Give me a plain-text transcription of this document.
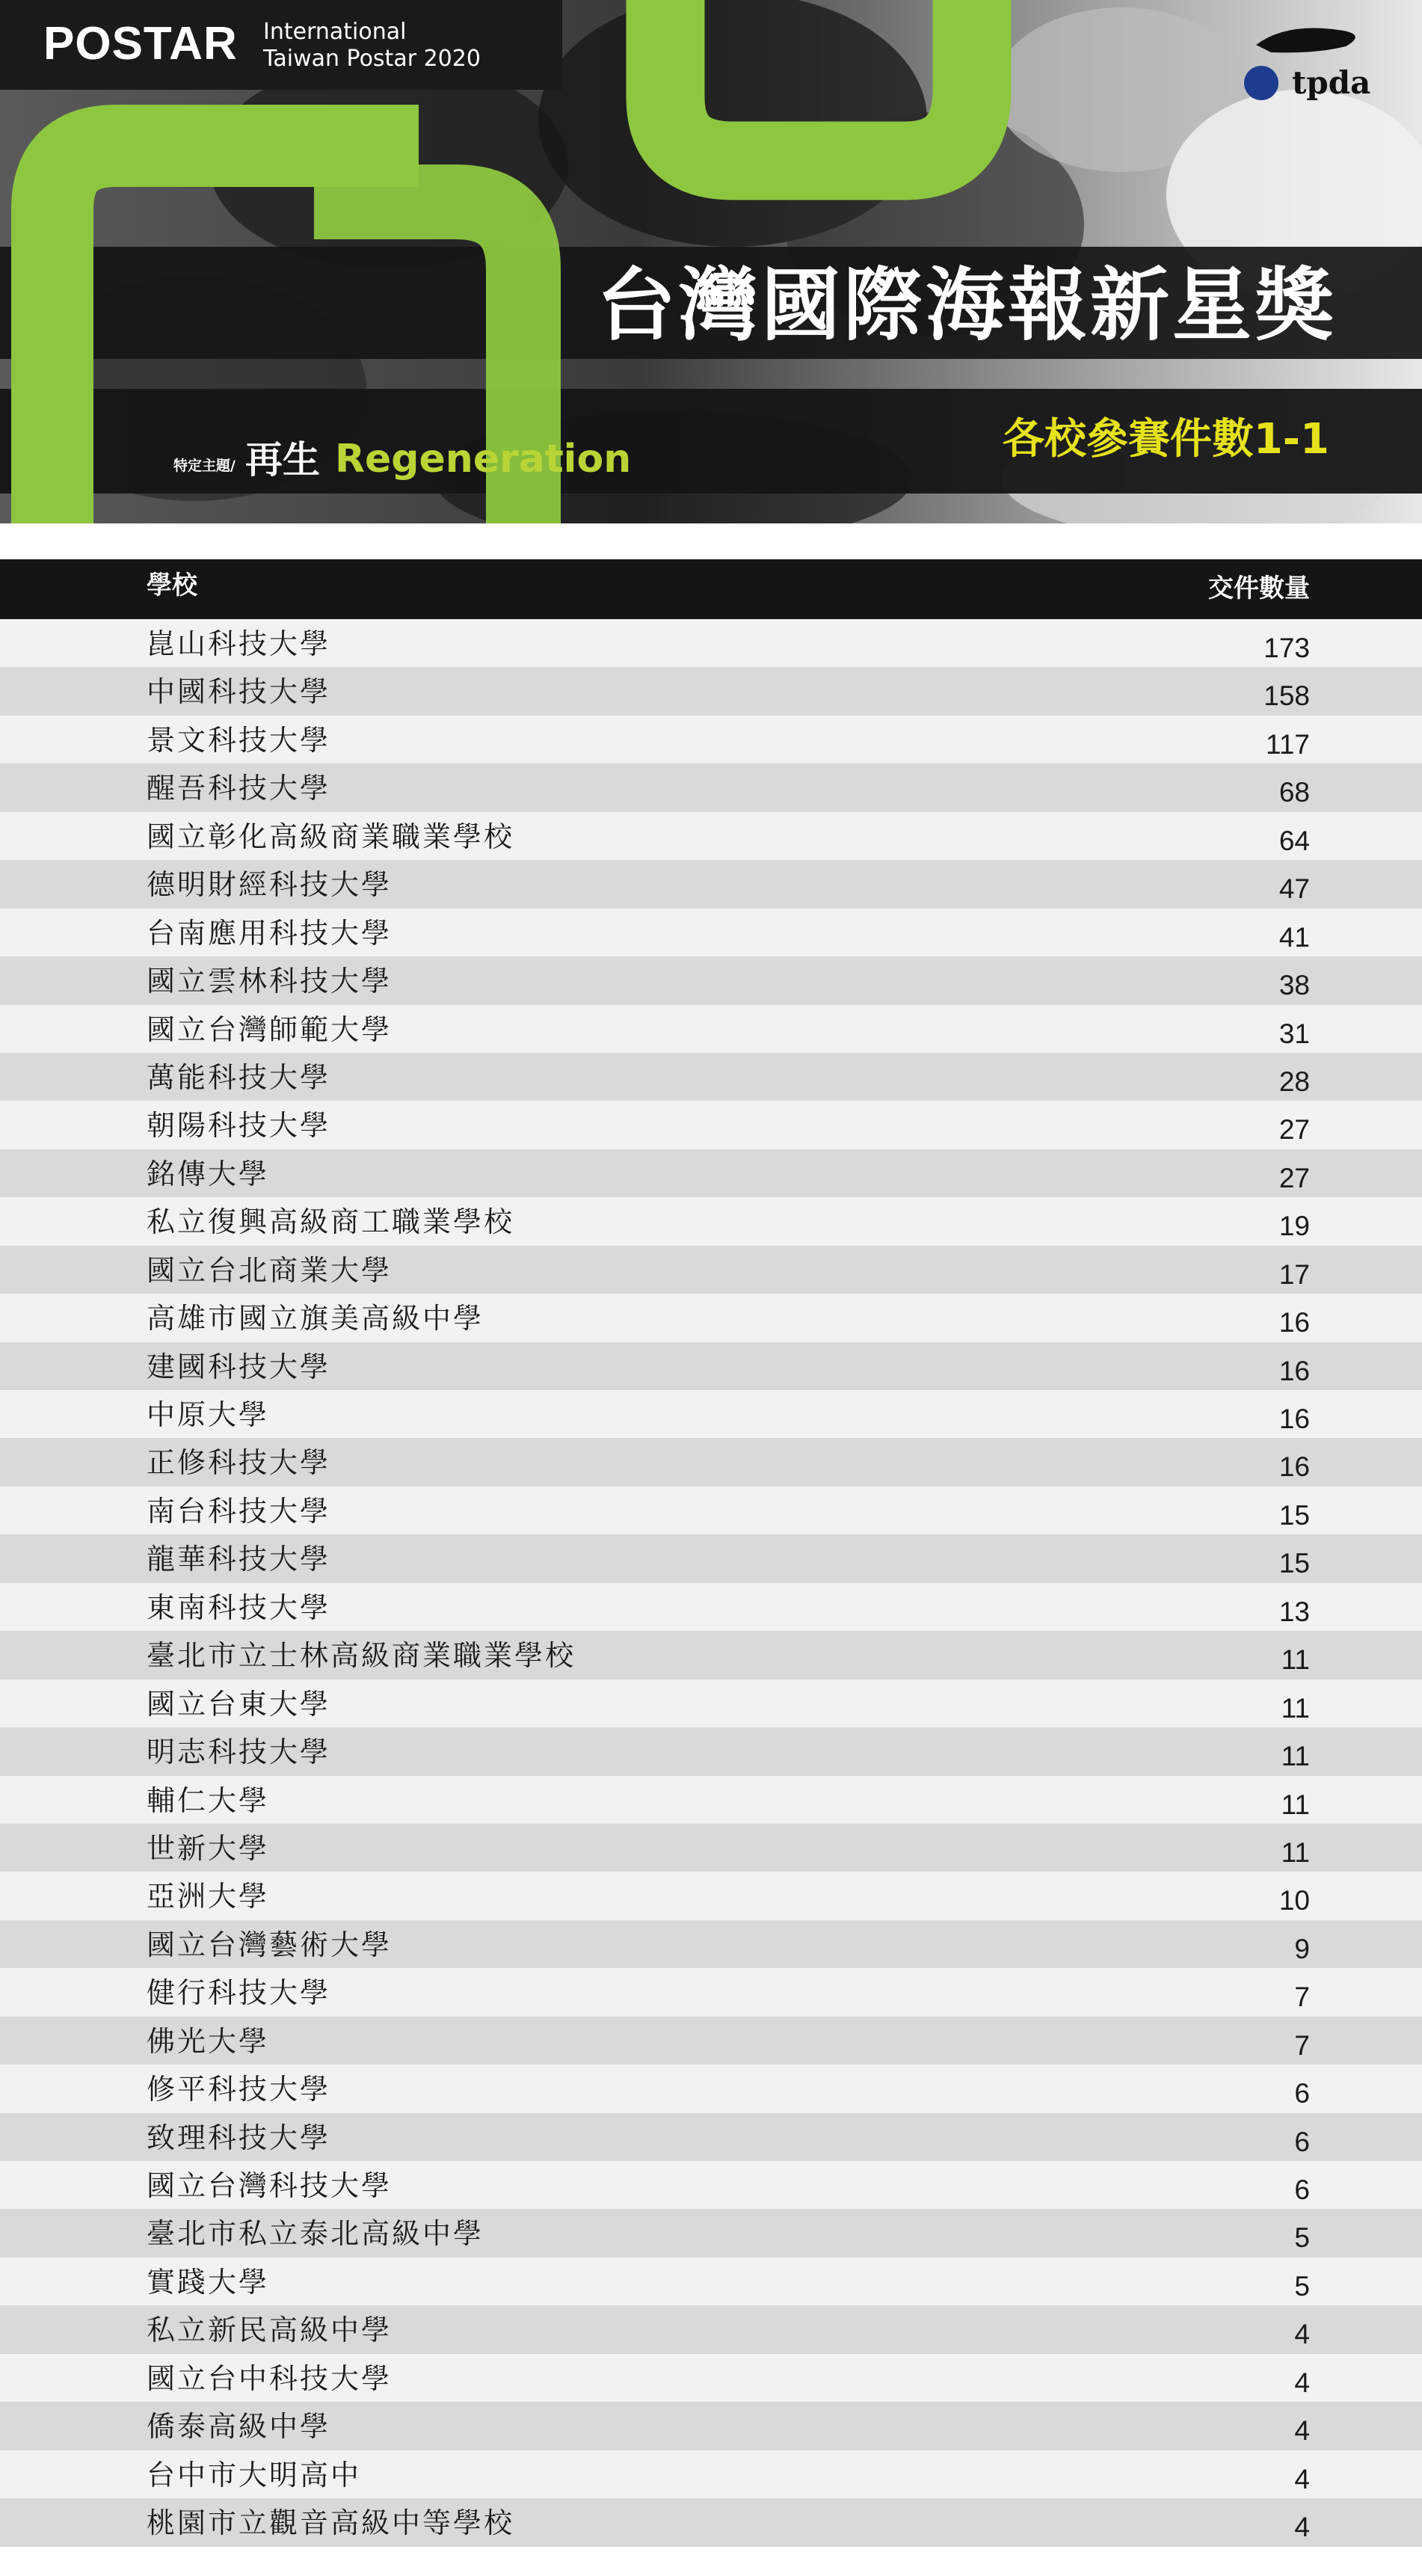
POSTAR International
Taiwan Postar 2020
tpda
台灣國際海報新星獎
各校參賽件數1-1
特定主題/ 再生 Regeneration
學校	交件數量
崑山科技大學	173
中國科技大學	158
景文科技大學	117
醒吾科技大學	68
國立彰化高級商業職業學校	64
德明財經科技大學	47
台南應用科技大學	41
國立雲林科技大學	38
國立台灣師範大學	31
萬能科技大學	28
朝陽科技大學	27
銘傳大學	27
私立復興高級商工職業學校	19
國立台北商業大學	17
高雄市國立旗美高級中學	16
建國科技大學	16
中原大學	16
正修科技大學	16
南台科技大學	15
龍華科技大學	15
東南科技大學	13
臺北市立士林高級商業職業學校	11
國立台東大學	11
明志科技大學	11
輔仁大學	11
世新大學	11
亞洲大學	10
國立台灣藝術大學	9
健行科技大學	7
佛光大學	7
修平科技大學	6
致理科技大學	6
國立台灣科技大學	6
臺北市私立泰北高級中學	5
實踐大學	5
私立新民高級中學	4
國立台中科技大學	4
僑泰高級中學	4
台中市大明高中	4
桃園市立觀音高級中等學校	4
